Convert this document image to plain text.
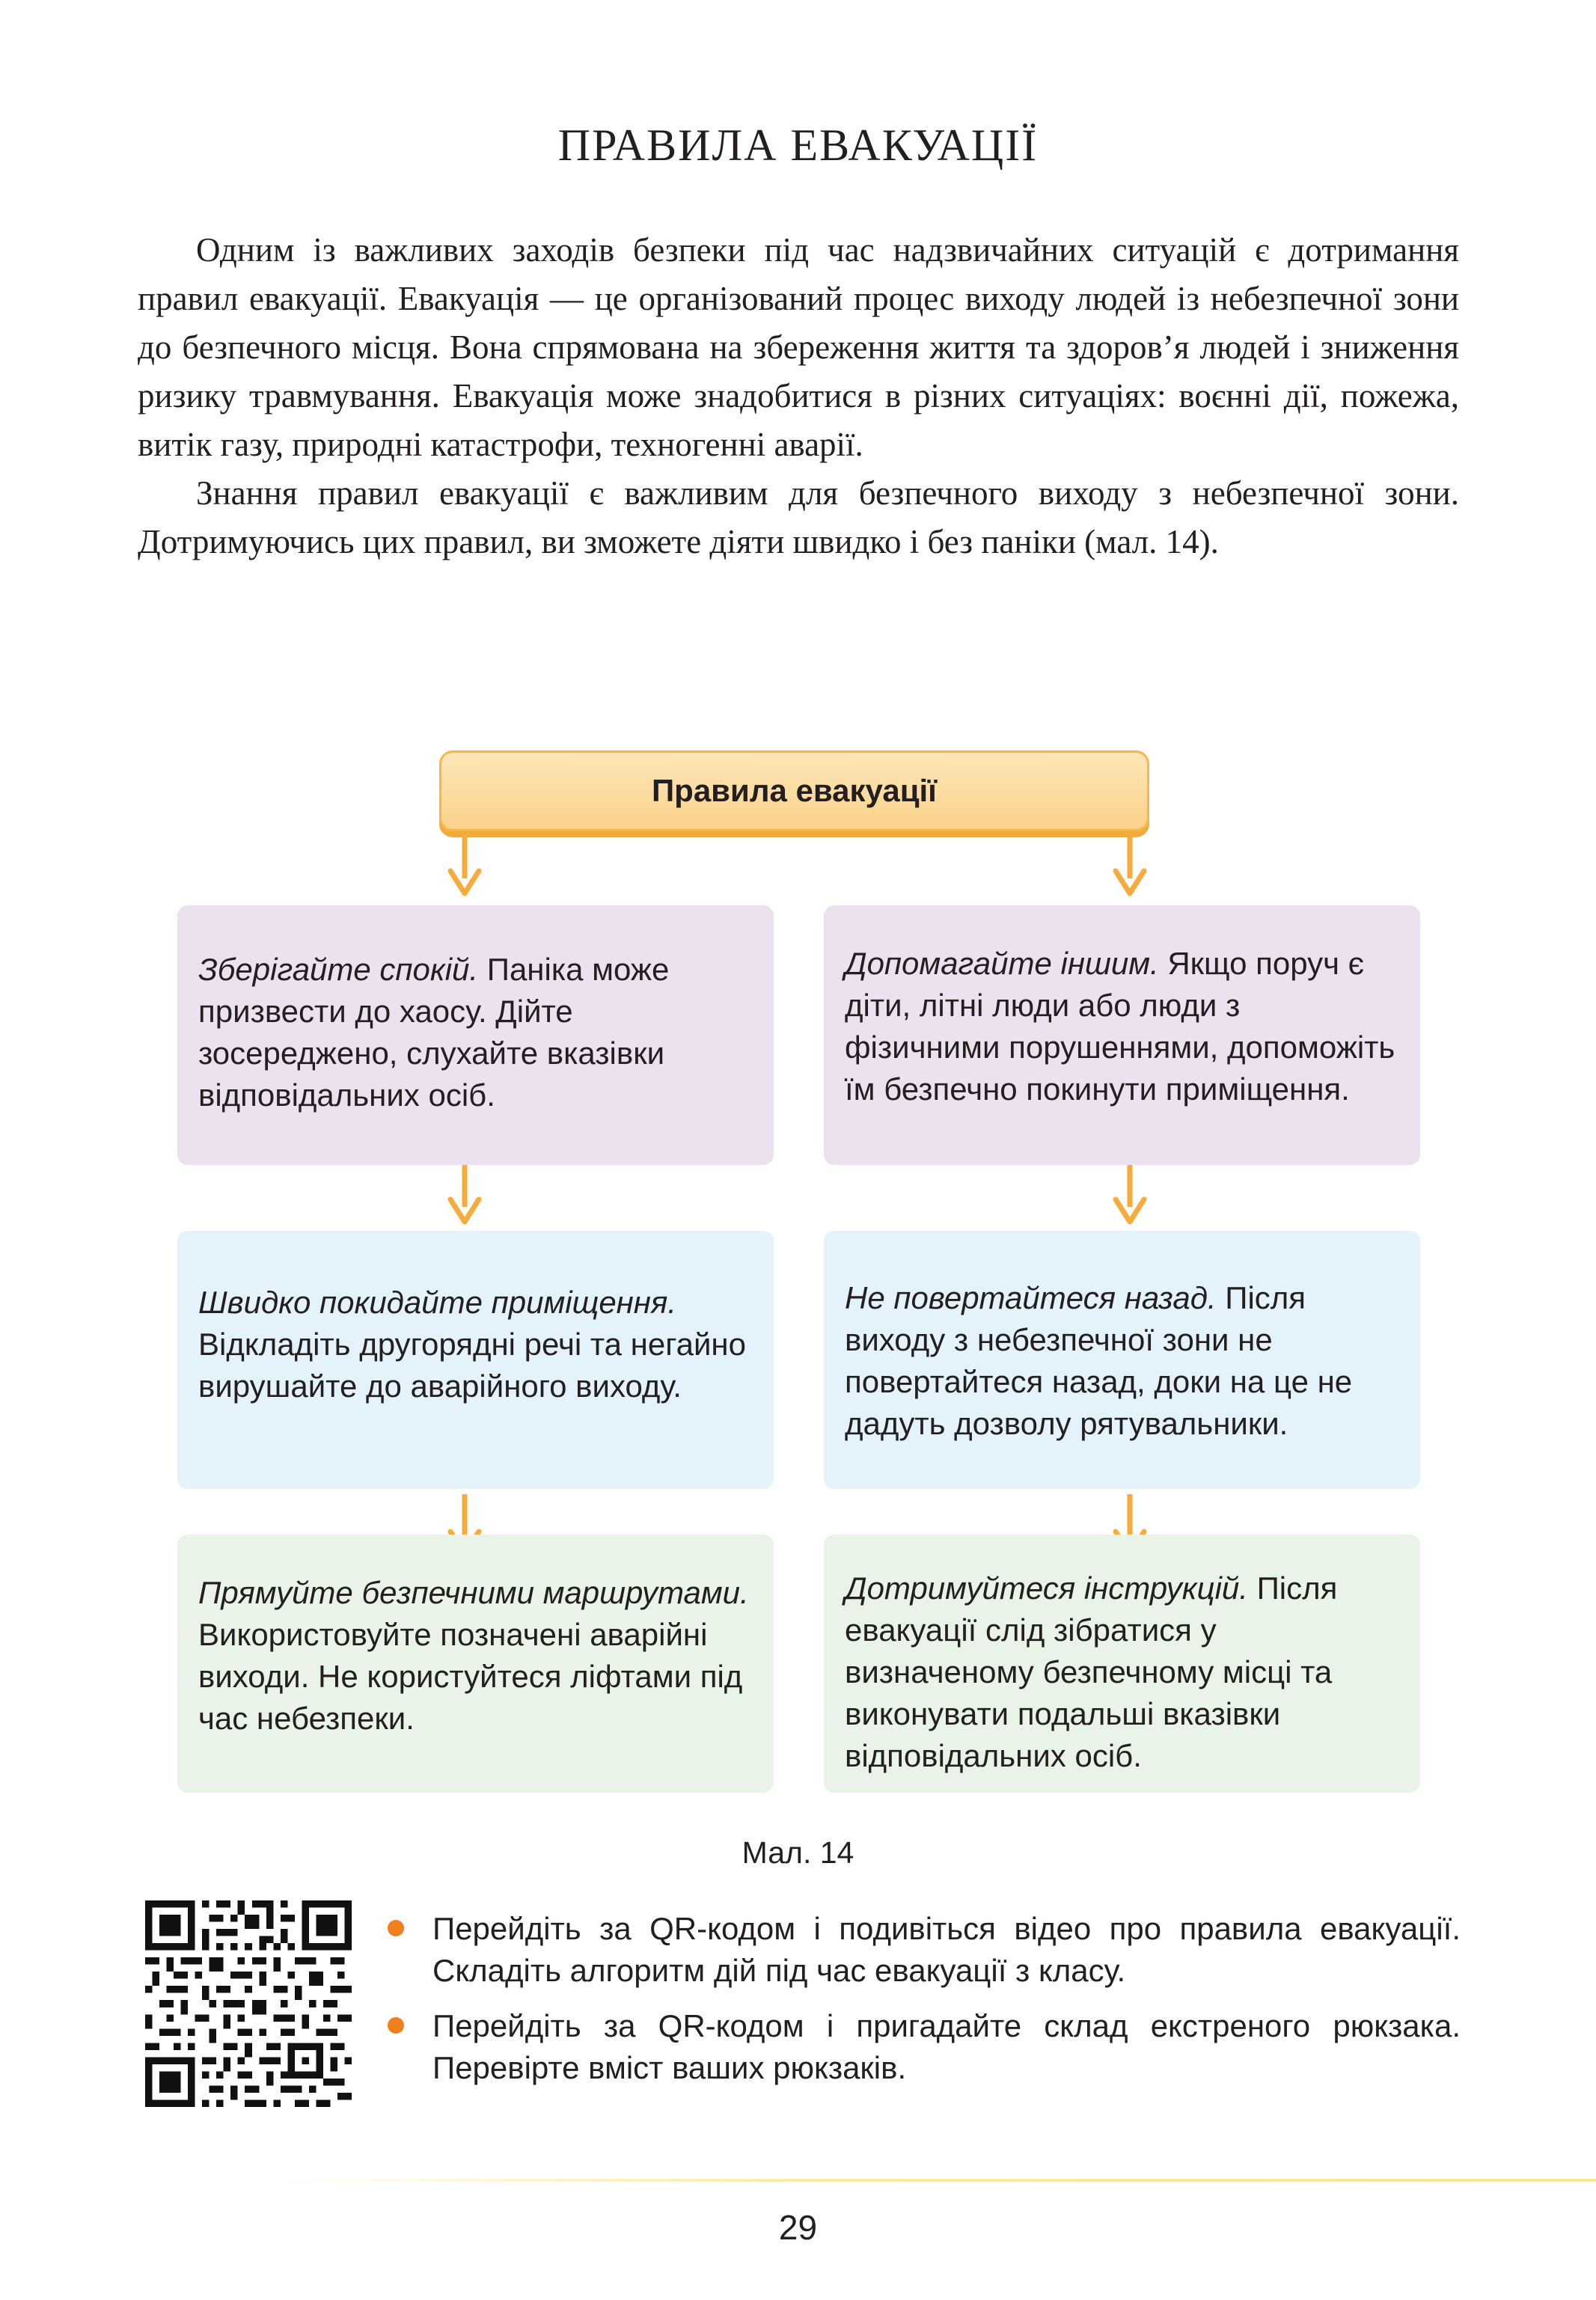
ПРАВИЛА ЕВАКУАЦІЇ

Одним із важливих заходів безпеки під час надзвичайних ситуацій є дотримання правил евакуації. Евакуація — це організований процес виходу людей із небезпечної зони до безпечного місця. Вона спрямована на збереження життя та здоров’я людей і зниження ризику травмування. Евакуація може знадобитися в різних ситуаціях: воєнні дії, пожежа, витік газу, природні катастрофи, техногенні аварії.

Знання правил евакуації є важливим для безпечного виходу з небезпечної зони. Дотримуючись цих правил, ви зможете діяти швидко і без паніки (мал. 14).

Правила евакуації
Зберігайте спокій. Паніка може призвести до хаосу. Дійте зосереджено, слухайте вказівки відповідальних осіб.
Допомагайте іншим. Якщо поруч є діти, літні люди або люди з фізичними порушеннями, допоможіть їм безпечно покинути приміщення.
Швидко покидайте приміщення. Відкладіть другорядні речі та негайно вирушайте до аварійного виходу.
Не повертайтеся назад. Після виходу з небезпечної зони не повертайтеся назад, доки на це не дадуть дозволу рятувальники.
Прямуйте безпечними маршрутами. Використовуйте позначені аварійні виходи. Не користуйтеся ліфтами під час небезпеки.
Дотримуйтеся інструкцій. Після евакуації слід зібратися у визначеному безпечному місці та виконувати подальші вказівки відповідальних осіб.

Мал. 14

Перейдіть за QR-кодом і подивіться відео про правила евакуації. Складіть алгоритм дій під час евакуації з класу.
Перейдіть за QR-кодом і пригадайте склад екстреного рюкзака. Перевірте вміст ваших рюкзаків.

29
